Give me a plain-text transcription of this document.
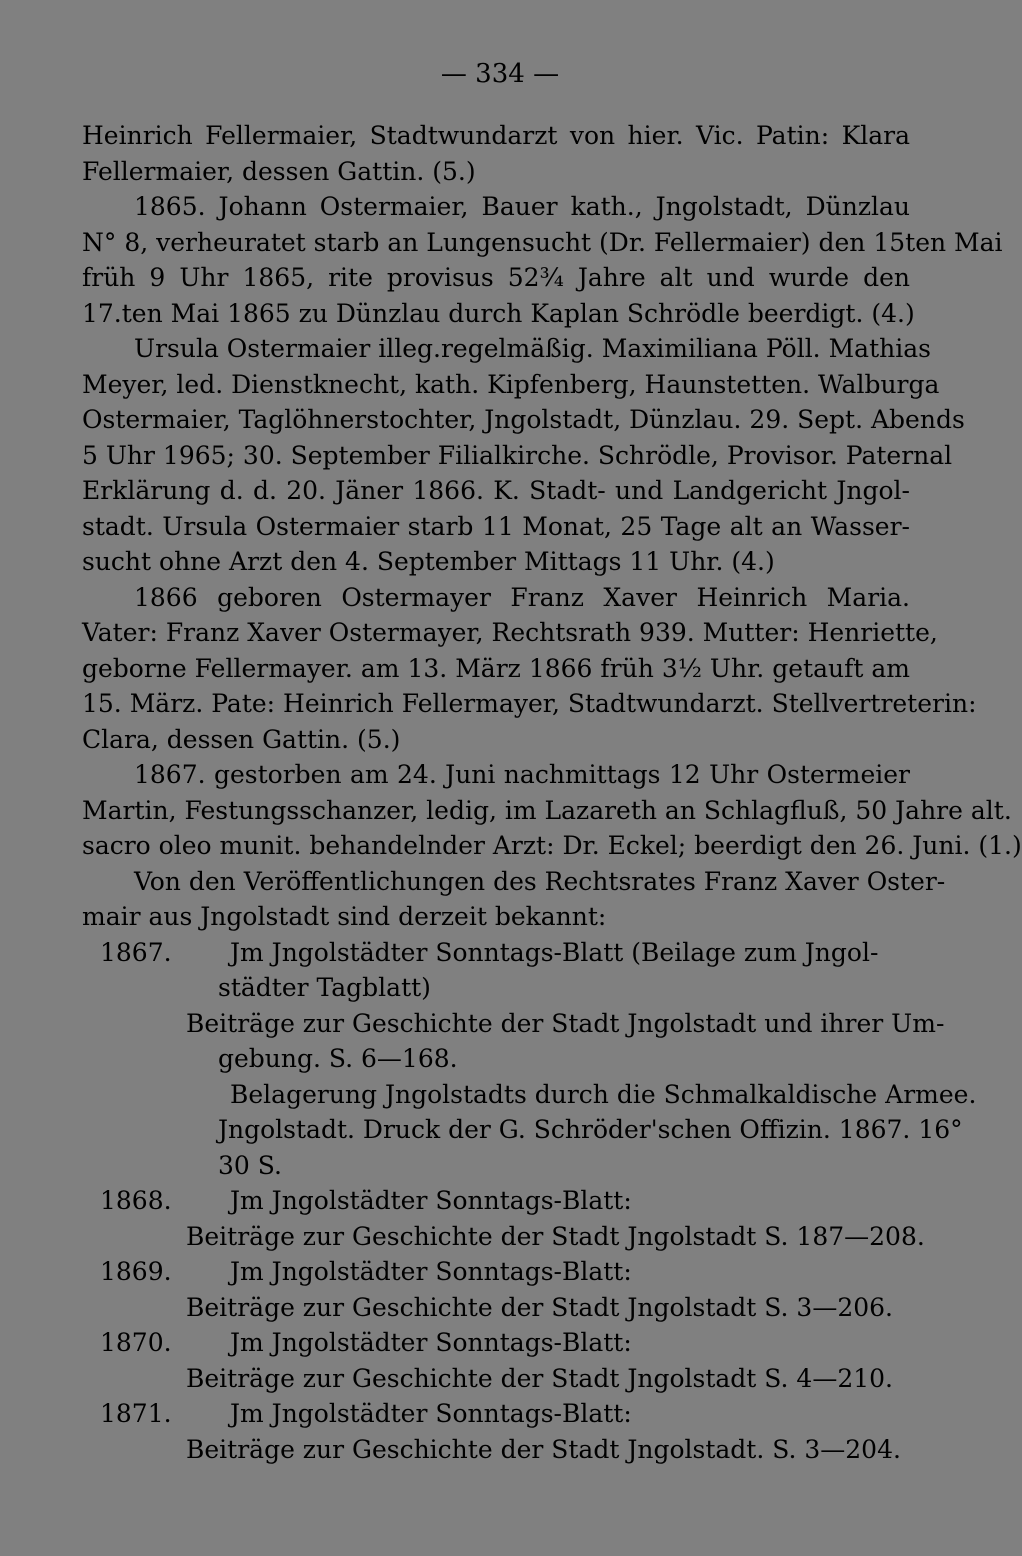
— 334 —
Heinrich Fellermaier, Stadtwundarzt von hier. Vic. Patin: Klara
Fellermaier, dessen Gattin. (5.)
1865. Johann Ostermaier, Bauer kath., Jngolstadt, Dünzlau
N° 8, verheuratet starb an Lungensucht (Dr. Fellermaier) den 15ten Mai
früh 9 Uhr 1865, rite provisus 52¾ Jahre alt und wurde den
17.ten Mai 1865 zu Dünzlau durch Kaplan Schrödle beerdigt. (4.)
Ursula Ostermaier illeg.regelmäßig. Maximiliana Pöll. Mathias
Meyer, led. Dienstknecht, kath. Kipfenberg, Haunstetten. Walburga
Ostermaier, Taglöhnerstochter, Jngolstadt, Dünzlau. 29. Sept. Abends
5 Uhr 1965; 30. September Filialkirche. Schrödle, Provisor. Paternal
Erklärung d. d. 20. Jäner 1866. K. Stadt- und Landgericht Jngol-
stadt. Ursula Ostermaier starb 11 Monat, 25 Tage alt an Wasser-
sucht ohne Arzt den 4. September Mittags 11 Uhr. (4.)
1866 geboren Ostermayer Franz Xaver Heinrich Maria.
Vater: Franz Xaver Ostermayer, Rechtsrath 939. Mutter: Henriette,
geborne Fellermayer. am 13. März 1866 früh 3½ Uhr. getauft am
15. März. Pate: Heinrich Fellermayer, Stadtwundarzt. Stellvertreterin:
Clara, dessen Gattin. (5.)
1867. gestorben am 24. Juni nachmittags 12 Uhr Ostermeier
Martin, Festungsschanzer, ledig, im Lazareth an Schlagfluß, 50 Jahre alt.
sacro oleo munit. behandelnder Arzt: Dr. Eckel; beerdigt den 26. Juni. (1.)
Von den Veröffentlichungen des Rechtsrates Franz Xaver Oster-
mair aus Jngolstadt sind derzeit bekannt:
1867. Jm Jngolstädter Sonntags-Blatt (Beilage zum Jngol-
städter Tagblatt)
Beiträge zur Geschichte der Stadt Jngolstadt und ihrer Um-
gebung. S. 6—168.
Belagerung Jngolstadts durch die Schmalkaldische Armee.
Jngolstadt. Druck der G. Schröder'schen Offizin. 1867. 16°
30 S.
1868. Jm Jngolstädter Sonntags-Blatt:
Beiträge zur Geschichte der Stadt Jngolstadt S. 187—208.
1869. Jm Jngolstädter Sonntags-Blatt:
Beiträge zur Geschichte der Stadt Jngolstadt S. 3—206.
1870. Jm Jngolstädter Sonntags-Blatt:
Beiträge zur Geschichte der Stadt Jngolstadt S. 4—210.
1871. Jm Jngolstädter Sonntags-Blatt:
Beiträge zur Geschichte der Stadt Jngolstadt. S. 3—204.
